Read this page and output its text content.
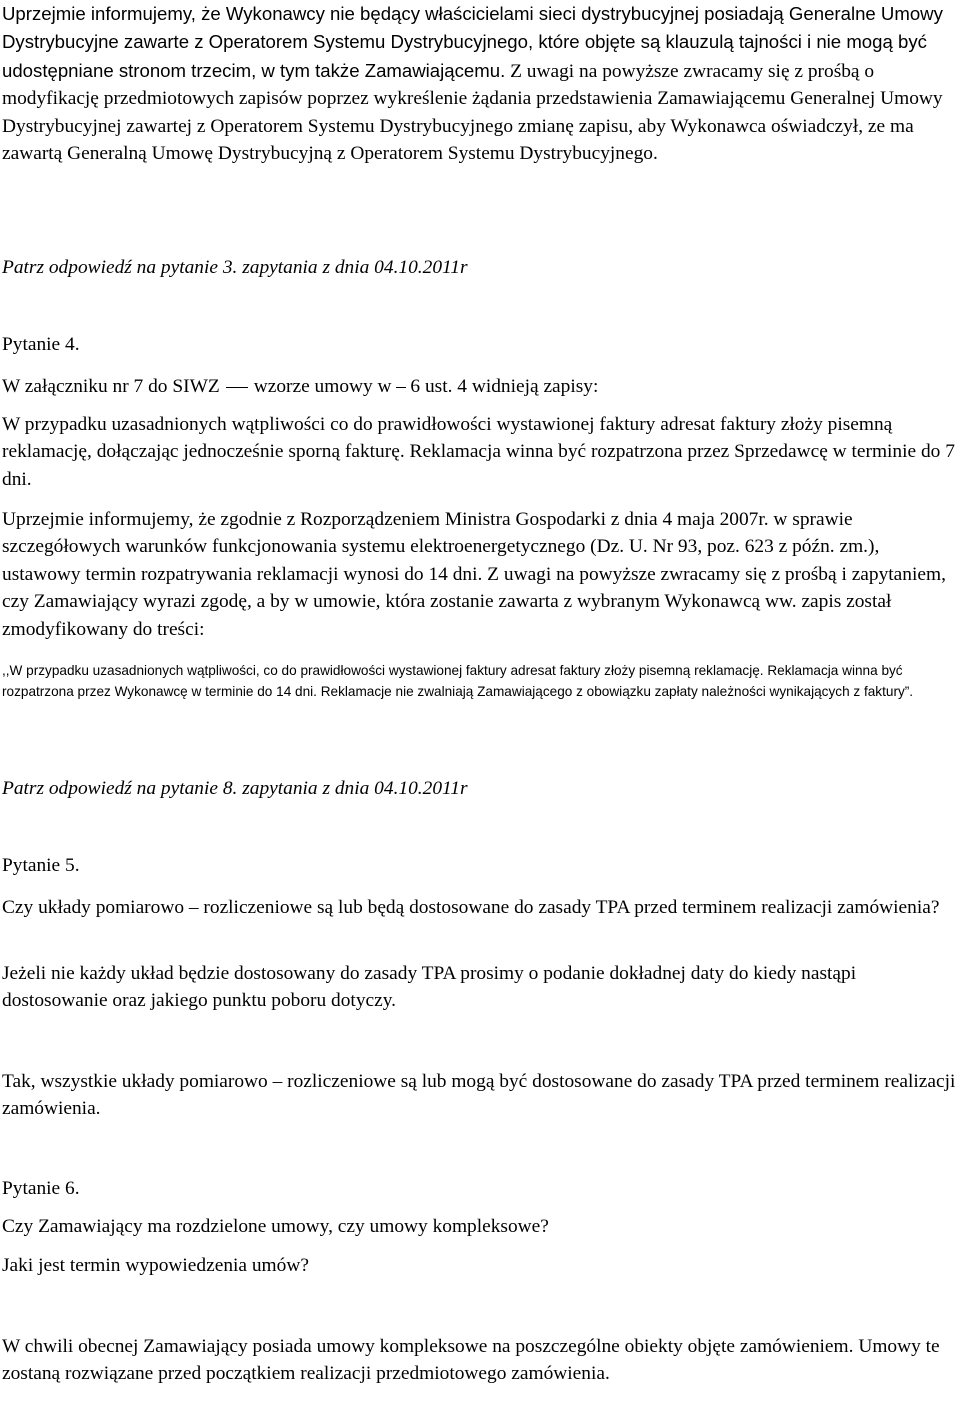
Uprzejmie informujemy, że Wykonawcy nie będący właścicielami sieci dystrybucyjnej posiadają Generalne Umowy Dystrybucyjne zawarte z Operatorem Systemu Dystrybucyjnego, które objęte są klauzulą tajności i nie mogą być udostępniane stronom trzecim, w tym także Zamawiającemu. Z uwagi na powyższe zwracamy się z prośbą o modyfikację przedmiotowych zapisów poprzez wykreślenie żądania przedstawienia Zamawiającemu Generalnej Umowy Dystrybucyjnej zawartej z Operatorem Systemu Dystrybucyjnego zmianę zapisu, aby Wykonawca oświadczył, ze ma zawartą Generalną Umowę Dystrybucyjną z Operatorem Systemu Dystrybucyjnego.

Patrz odpowiedź na pytanie 3. zapytania z dnia 04.10.2011r

Pytanie 4.

W załączniku nr 7 do SIWZ wzorze umowy w 6 ust. 4 widnieją zapisy:

W przypadku uzasadnionych wątpliwości co do prawidłowości wystawionej faktury adresat faktury złoży pisemną reklamację, dołączając jednocześnie sporną fakturę. Reklamacja winna być rozpatrzona przez Sprzedawcę w terminie do 7 dni.

Uprzejmie informujemy, że zgodnie z Rozporządzeniem Ministra Gospodarki z dnia 4 maja 2007r. w sprawie szczegółowych warunków funkcjonowania systemu elektroenergetycznego (Dz. U. Nr 93, poz. 623 z późn. zm.), ustawowy termin rozpatrywania reklamacji wynosi do 14 dni. Z uwagi na powyższe zwracamy się z prośbą i zapytaniem, czy Zamawiający wyrazi zgodę, a by w umowie, która zostanie zawarta z wybranym Wykonawcą ww. zapis został zmodyfikowany do treści:

,,W przypadku uzasadnionych wątpliwości, co do prawidłowości wystawionej faktury adresat faktury złoży pisemną reklamację. Reklamacja winna być rozpatrzona przez Wykonawcę w terminie do 14 dni. Reklamacje nie zwalniają Zamawiającego z obowiązku zapłaty należności wynikających z faktury”.

Patrz odpowiedź na pytanie 8. zapytania z dnia 04.10.2011r

Pytanie 5.

Czy układy pomiarowo – rozliczeniowe są lub będą dostosowane do zasady TPA przed terminem realizacji zamówienia?

Jeżeli nie każdy układ będzie dostosowany do zasady TPA prosimy o podanie dokładnej daty do kiedy nastąpi dostosowanie oraz jakiego punktu poboru dotyczy.

Tak, wszystkie układy pomiarowo – rozliczeniowe są lub mogą być dostosowane do zasady TPA przed terminem realizacji zamówienia.

Pytanie 6.

Czy Zamawiający ma rozdzielone umowy, czy umowy kompleksowe?

Jaki jest termin wypowiedzenia umów?

W chwili obecnej Zamawiający posiada umowy kompleksowe na poszczególne obiekty objęte zamówieniem. Umowy te zostaną rozwiązane przed początkiem realizacji przedmiotowego zamówienia.
